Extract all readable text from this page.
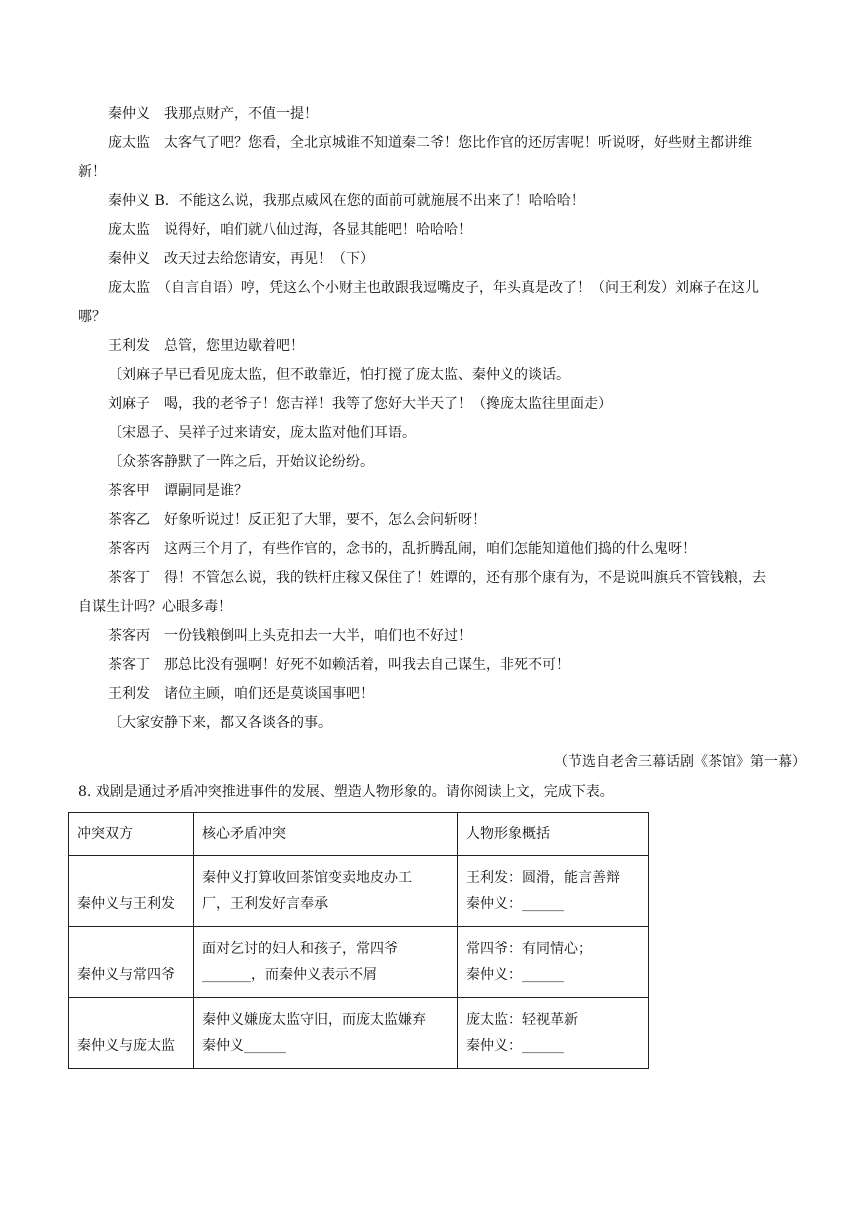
秦仲义　我那点财产，不值一提！

庞太监　太客气了吧？您看，全北京城谁不知道秦二爷！您比作官的还厉害呢！听说呀，好些财主都讲维新！

秦仲义 B．不能这么说，我那点威风在您的面前可就施展不出来了！哈哈哈！

庞太监　说得好，咱们就八仙过海，各显其能吧！哈哈哈！

秦仲义　改天过去给您请安，再见！（下）

庞太监　（自言自语）哼，凭这么个小财主也敢跟我逗嘴皮子，年头真是改了！（问王利发）刘麻子在这儿哪？

王利发　总管，您里边歇着吧！

〔刘麻子早已看见庞太监，但不敢靠近，怕打搅了庞太监、秦仲义的谈话。

刘麻子　喝，我的老爷子！您吉祥！我等了您好大半天了！（搀庞太监往里面走）

〔宋恩子、吴祥子过来请安，庞太监对他们耳语。

〔众茶客静默了一阵之后，开始议论纷纷。

茶客甲　谭嗣同是谁？

茶客乙　好象听说过！反正犯了大罪，要不，怎么会问斩呀！

茶客丙　这两三个月了，有些作官的，念书的，乱折腾乱闹，咱们怎能知道他们捣的什么鬼呀！

茶客丁　得！不管怎么说，我的铁杆庄稼又保住了！姓谭的，还有那个康有为，不是说叫旗兵不管钱粮，去自谋生计吗？心眼多毒！

茶客丙　一份钱粮倒叫上头克扣去一大半，咱们也不好过！

茶客丁　那总比没有强啊！好死不如赖活着，叫我去自己谋生，非死不可！

王利发　诸位主顾，咱们还是莫谈国事吧！

〔大家安静下来，都又各谈各的事。

（节选自老舍三幕话剧《茶馆》第一幕）

8. 戏剧是通过矛盾冲突推进事件的发展、塑造人物形象的。请你阅读上文，完成下表。

冲突双方	核心矛盾冲突	人物形象概括

秦仲义与王利发	秦仲义打算收回茶馆变卖地皮办工
厂，王利发好言奉承	王利发：圆滑，能言善辩
秦仲义：______

秦仲义与常四爷	面对乞讨的妇人和孩子，常四爷
_______，而秦仲义表示不屑	常四爷：有同情心；
秦仲义：______

秦仲义与庞太监	秦仲义嫌庞太监守旧，而庞太监嫌弃
秦仲义______	庞太监：轻视革新
秦仲义：______
